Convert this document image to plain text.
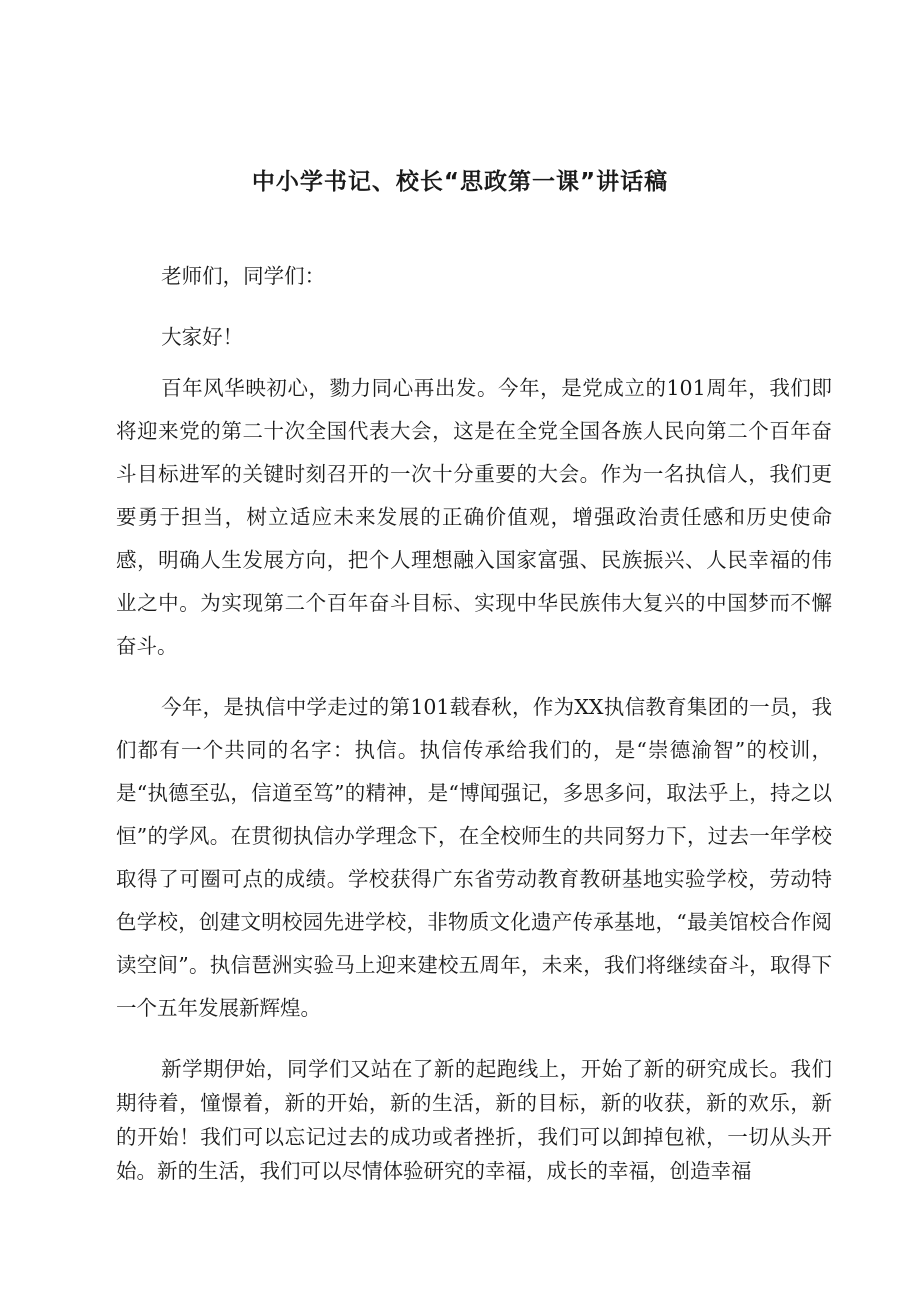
中小学书记、校长“思政第一课”讲话稿

老师们，同学们：

大家好！

百年风华映初心，勠力同心再出发。今年，是党成立的101周年，我们即将迎来党的第二十次全国代表大会，这是在全党全国各族人民向第二个百年奋斗目标进军的关键时刻召开的一次十分重要的大会。作为一名执信人，我们更要勇于担当，树立适应未来发展的正确价值观，增强政治责任感和历史使命感，明确人生发展方向，把个人理想融入国家富强、民族振兴、人民幸福的伟业之中。为实现第二个百年奋斗目标、实现中华民族伟大复兴的中国梦而不懈奋斗。

今年，是执信中学走过的第101载春秋，作为XX执信教育集团的一员，我们都有一个共同的名字：执信。执信传承给我们的，是“崇德渝智”的校训，是“执德至弘，信道至笃”的精神，是“博闻强记，多思多问，取法乎上，持之以恒”的学风。在贯彻执信办学理念下，在全校师生的共同努力下，过去一年学校取得了可圈可点的成绩。学校获得广东省劳动教育教研基地实验学校，劳动特色学校，创建文明校园先进学校，非物质文化遗产传承基地，“最美馆校合作阅读空间”。执信琶洲实验马上迎来建校五周年，未来，我们将继续奋斗，取得下一个五年发展新辉煌。

新学期伊始，同学们又站在了新的起跑线上，开始了新的研究成长。我们期待着，憧憬着，新的开始，新的生活，新的目标，新的收获，新的欢乐，新的开始！我们可以忘记过去的成功或者挫折，我们可以卸掉包袱，一切从头开始。新的生活，我们可以尽情体验研究的幸福，成长的幸福，创造幸福
